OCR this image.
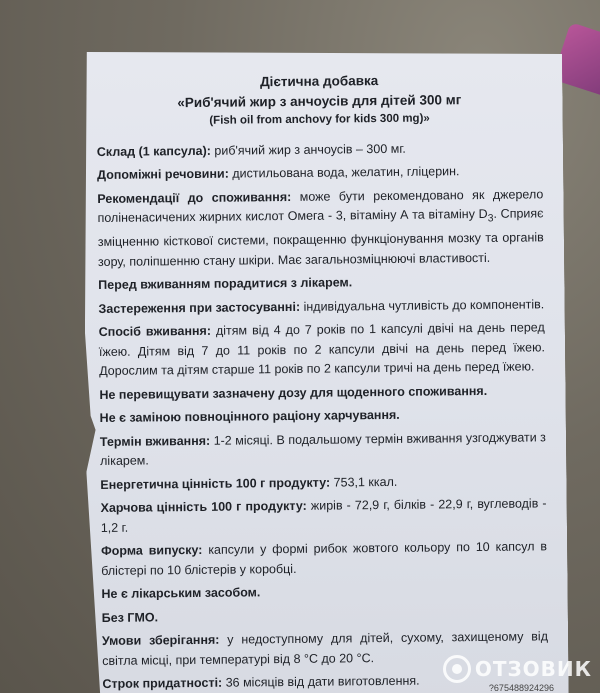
Дієтична добавка
«Риб'ячий жир з анчоусів для дітей 300 мг
(Fish oil from anchovy for kids 300 mg)»

Склад (1 капсула): риб'ячий жир з анчоусів – 300 мг.

Допоміжні речовини: дистильована вода, желатин, гліцерин.

Рекомендації до споживання: може бути рекомендовано як джерело поліненасичених жирних кислот Омега - 3, вітаміну А та вітаміну $D_3$. Сприяє зміцненню кісткової системи, покращенню функціонування мозку та органів зору, поліпшенню стану шкіри. Має загальнозміцнюючі властивості.

Перед вживанням порадитися з лікарем.

Застереження при застосуванні: індивідуальна чутливість до компонентів.

Спосіб вживання: дітям від 4 до 7 років по 1 капсулі двічі на день перед їжею. Дітям від 7 до 11 років по 2 капсули двічі на день перед їжею. Дорослим та дітям старше 11 років по 2 капсули тричі на день перед їжею.

Не перевищувати зазначену дозу для щоденного споживання.

Не є заміною повноцінного раціону харчування.

Термін вживання: 1-2 місяці. В подальшому термін вживання узгоджувати з лікарем.

Енергетична цінність 100 г продукту: 753,1 ккал.

Харчова цінність 100 г продукту: жирів - 72,9 г, білків - 22,9 г, вуглеводів - 1,2 г.

Форма випуску: капсули у формі рибок жовтого кольору по 10 капсул в блістері по 10 блістерів у коробці.

Не є лікарським засобом.

Без ГМО.

Умови зберігання: у недоступному для дітей, сухому, захищеному від світла місці, при температурі від 8 °С до 20 °С.

Строк придатності: 36 місяців від дати виготовлення.	?675488924296
ОТЗОВИК
